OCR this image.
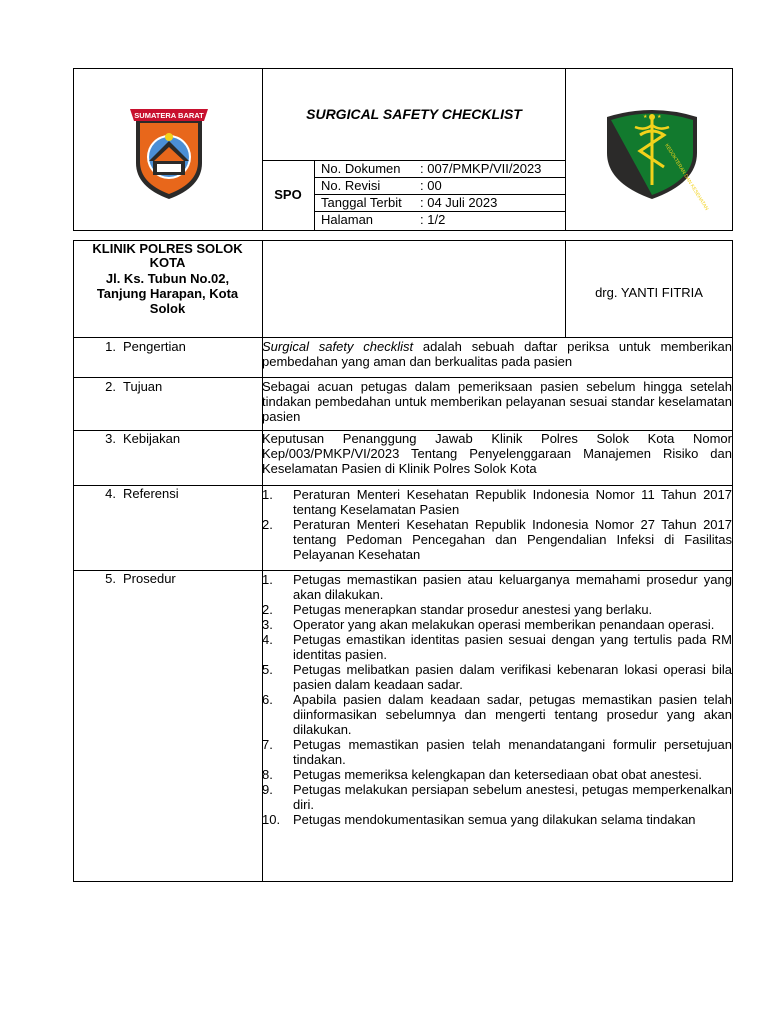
SUMATERA BARAT	SURGICAL SAFETY CHECKLIST
SPO
No. Dokumen : 007/PMKP/VII/2023
No. Revisi	: 00
Tanggal Terbit : 04 Juli 2023
Halaman	: 1/2
★ ★
KEDOKTERAN DAN KESEHATAN
KLINIK POLRES SOLOK
KOTA
Jl. Ks. Tubun No.02,
Tanjung Harapan, Kota
Solok
drg. YANTI FITRIA
1. Pengertian	Surgical safety checklist adalah sebuah daftar periksa untuk memberikan pembedahan yang aman dan berkualitas pada pasien
2. Tujuan	Sebagai acuan petugas dalam pemeriksaan pasien sebelum hingga setelah tindakan pembedahan untuk memberikan pelayanan sesuai standar keselamatan pasien
3. Kebijakan	Keputusan Penanggung Jawab Klinik Polres Solok Kota Nomor Kep/003/PMKP/VI/2023 Tentang Penyelenggaraan Manajemen Risiko dan Keselamatan Pasien di Klinik Polres Solok Kota
4. Referensi	1.	Peraturan Menteri Kesehatan Republik Indonesia Nomor 11 Tahun 2017 tentang Keselamatan Pasien
2.	Peraturan Menteri Kesehatan Republik Indonesia Nomor 27 Tahun 2017 tentang Pedoman Pencegahan dan Pengendalian Infeksi di Fasilitas Pelayanan Kesehatan
5. Prosedur	1.	Petugas memastikan pasien atau keluarganya memahami prosedur yang akan dilakukan.
2.	Petugas menerapkan standar prosedur anestesi yang berlaku.
3.	Operator yang akan melakukan operasi memberikan penandaan operasi.
4.	Petugas emastikan identitas pasien sesuai dengan yang tertulis pada RM identitas pasien.
5.	Petugas melibatkan pasien dalam verifikasi kebenaran lokasi operasi bila pasien dalam keadaan sadar.
6.	Apabila pasien dalam keadaan sadar, petugas memastikan pasien telah diinformasikan sebelumnya dan mengerti tentang prosedur yang akan dilakukan.
7.	Petugas memastikan pasien telah menandatangani formulir persetujuan tindakan.
8.	Petugas memeriksa kelengkapan dan ketersediaan obat obat anestesi.
9.	Petugas melakukan persiapan sebelum anestesi, petugas memperkenalkan diri.
10. Petugas mendokumentasikan semua yang dilakukan selama tindakan
